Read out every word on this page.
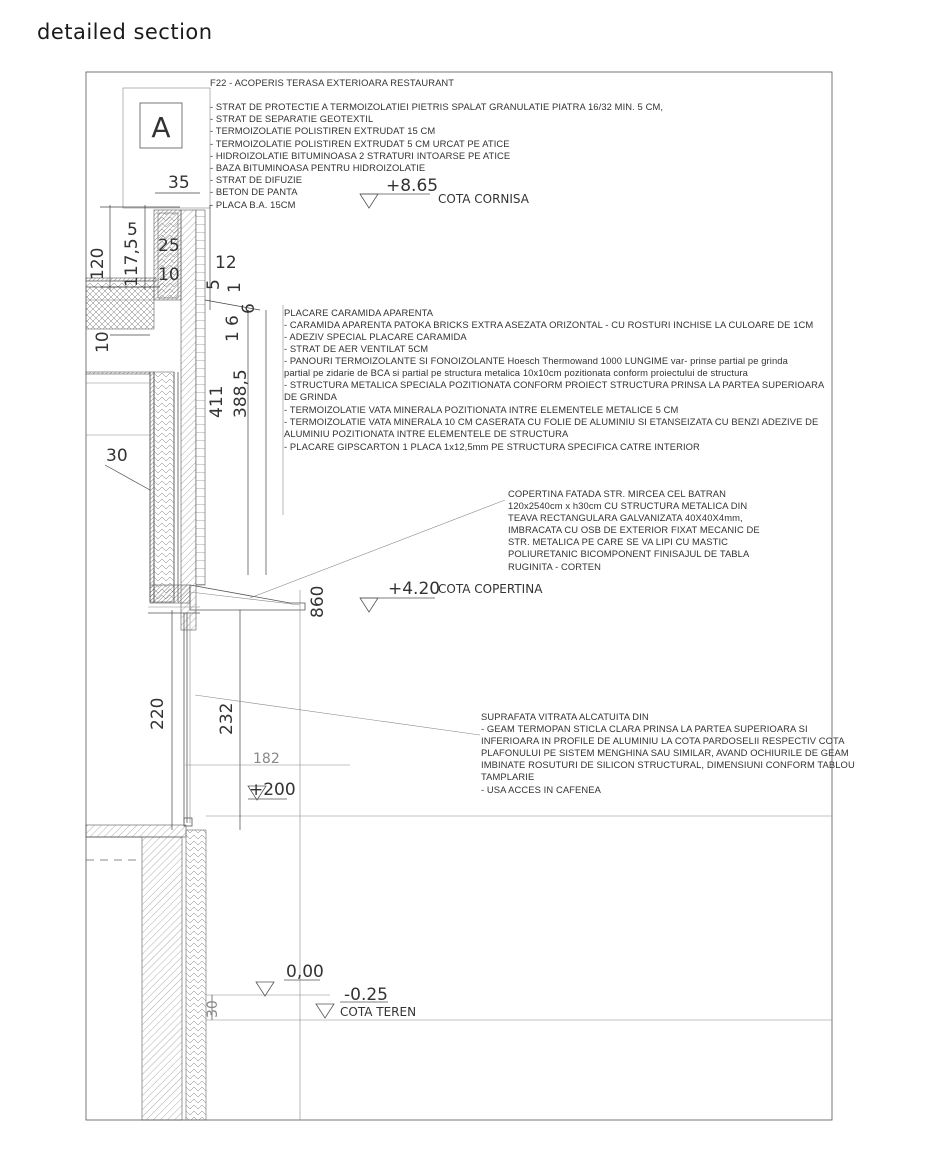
detailed section
A
+8.65
COTA CORNISA
+4.20
COTA COPERTINA
+200
0,00
-0.25
COTA TEREN
35
5
25
10
120 117,5	12
5 1
6
1
6
10
411 388,5
30
860
220	232
182
30
F22 - ACOPERIS TERASA EXTERIOARA RESTAURANT
- STRAT DE PROTECTIE A TERMOIZOLATIEI PIETRIS SPALAT GRANULATIE PIATRA 16/32 MIN. 5 CM,
- STRAT DE SEPARATIE GEOTEXTIL
- TERMOIZOLATIE POLISTIREN EXTRUDAT 15 CM
- TERMOIZOLATIE POLISTIREN EXTRUDAT 5 CM URCAT PE ATICE
- HIDROIZOLATIE BITUMINOASA 2 STRATURI INTOARSE PE ATICE
- BAZA BITUMINOASA PENTRU HIDROIZOLATIE
- STRAT DE DIFUZIE
- BETON DE PANTA
- PLACA B.A. 15CM
PLACARE CARAMIDA APARENTA
- CARAMIDA APARENTA PATOKA BRICKS EXTRA ASEZATA ORIZONTAL - CU ROSTURI INCHISE LA CULOARE DE 1CM
- ADEZIV SPECIAL PLACARE CARAMIDA
- STRAT DE AER VENTILAT 5CM
- PANOURI TERMOIZOLANTE SI FONOIZOLANTE Hoesch Thermowand 1000 LUNGIME var- prinse partial pe grinda
partial pe zidarie de BCA si partial pe structura metalica 10x10cm pozitionata conform proiectului de structura
- STRUCTURA METALICA SPECIALA POZITIONATA CONFORM PROIECT STRUCTURA PRINSA LA PARTEA SUPERIOARA
DE GRINDA
- TERMOIZOLATIE VATA MINERALA POZITIONATA INTRE ELEMENTELE METALICE 5 CM
- TERMOIZOLATIE VATA MINERALA 10 CM CASERATA CU FOLIE DE ALUMINIU SI ETANSEIZATA CU BENZI ADEZIVE DE
ALUMINIU POZITIONATA INTRE ELEMENTELE DE STRUCTURA
- PLACARE GIPSCARTON 1 PLACA 1x12,5mm PE STRUCTURA SPECIFICA CATRE INTERIOR
COPERTINA FATADA STR. MIRCEA CEL BATRAN
120x2540cm x h30cm CU STRUCTURA METALICA DIN
TEAVA RECTANGULARA GALVANIZATA 40X40X4mm,
IMBRACATA CU OSB DE EXTERIOR FIXAT MECANIC DE
STR. METALICA PE CARE SE VA LIPI CU MASTIC
POLIURETANIC BICOMPONENT FINISAJUL DE TABLA
RUGINITA - CORTEN
SUPRAFATA VITRATA ALCATUITA DIN
- GEAM TERMOPAN STICLA CLARA PRINSA LA PARTEA SUPERIOARA SI
INFERIOARA IN PROFILE DE ALUMINIU LA COTA PARDOSELII RESPECTIV COTA
PLAFONULUI PE SISTEM MENGHINA SAU SIMILAR, AVAND OCHIURILE DE GEAM
IMBINATE ROSUTURI DE SILICON STRUCTURAL, DIMENSIUNI CONFORM TABLOU
TAMPLARIE
- USA ACCES IN CAFENEA
